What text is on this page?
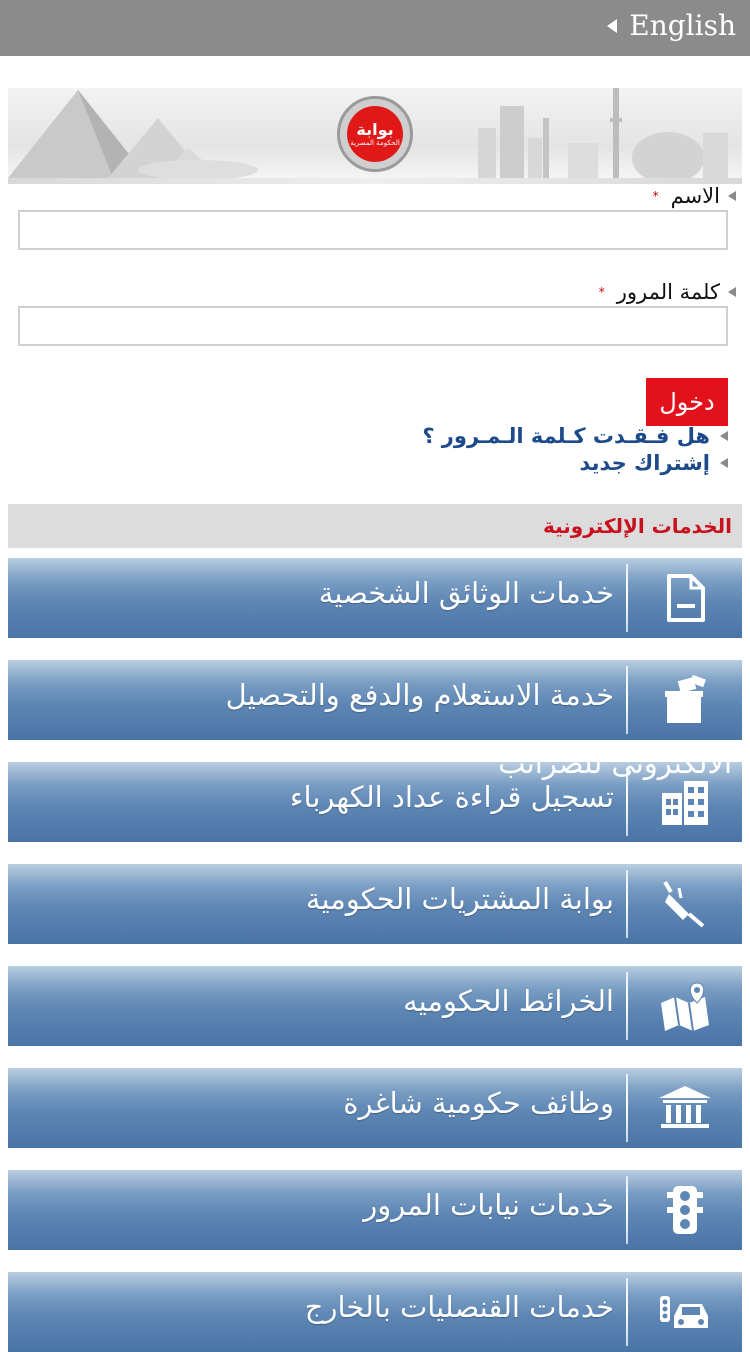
English
بوابة
الحكومة المصرية
الاسم
*
كلمة المرور
*
دخول
هل فـقـدت كـلمة الـمـرور ؟
إشتراك جديد
الخدمات الإلكترونية
خدمات الوثائق الشخصية
خدمة الاستعلام والدفع والتحصيل
تسجيل قراءة عداد الكهرباء
الالكترونى للضرائب
بوابة المشتريات الحكومية
الخرائط الحكوميه
وظائف حكومية شاغرة
خدمات نيابات المرور
خدمات القنصليات بالخارج
